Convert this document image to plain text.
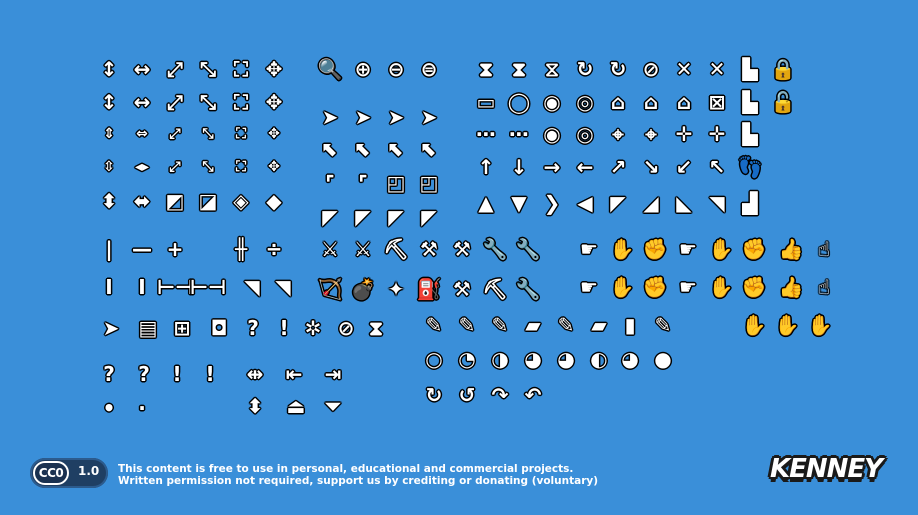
↕ ↔ ⤢ ⤡ ⛶ ✥ 🔍 ⊕ ⊖ ⊜ ⧗ ⧗ ⧖ ↻ ↻ ⊘ ✕ ✕ ▙ 🔒
▭ ◯ ◉ ◎ ⌂ ⌂ ⌂ ⊠ ▙ 🔓
⋯ ⋯ ◉ ◎ ⌖	⌖ ✛ ✛ ▙
↑ ↓ → ← ↗ ↘ ↙ ↖ 👣
▲ ▼ ❯ ◀ ◤ ◢ ◣ ◥ ▟
↕ ↔ ⤢ ⤡ ⛶ ✥
➤ ➤ ➤ ➤
⬉ ⬉ ⬉ ⬉
⌜	⌜ ◰ ◰
◤ ◤ ◤ ◤
⇕	⇔	⤢	⤡	⛶	✥
⇳	◂▸	⤢	⤡	⛶	✥
⬍ ⬌ ◩ ◪ ◈ ◆
| — +	╫ ÷
I	I ⊢⊣
⊢⊣ ◥ ◥
⚔ ⚔ ⛏ ⚒ ⚒ 🔧 🔧
🏹 💣 ✦ ⛽ ⚒ ⛏ 🔧
☛ ✋ ✊ ☛ ✋ ✊ 👍 ☝
☛ ✋ ✊ ☛ ✋ ✊ 👍 ☝
➤ ▤ ⊞ ◘ ?	! ✲ ⊘ ⧗ ✎ ✎ ✎ ▰ ✎ ▰ ▮ ✎	✋ ✋ ✋
○ ◔ ◑ ◕ ◕ ◐ ◕ ●
?	?	!	!	⇹ ⇤ ⇥
↻ ↺ ↷ ↶
•	·	⬍ ⏏ ⏷
CC0	1.0 This content is free to use in personal, educational and commercial projects.
Written permission not required, support us by crediting or donating (voluntary)	KENNEY
